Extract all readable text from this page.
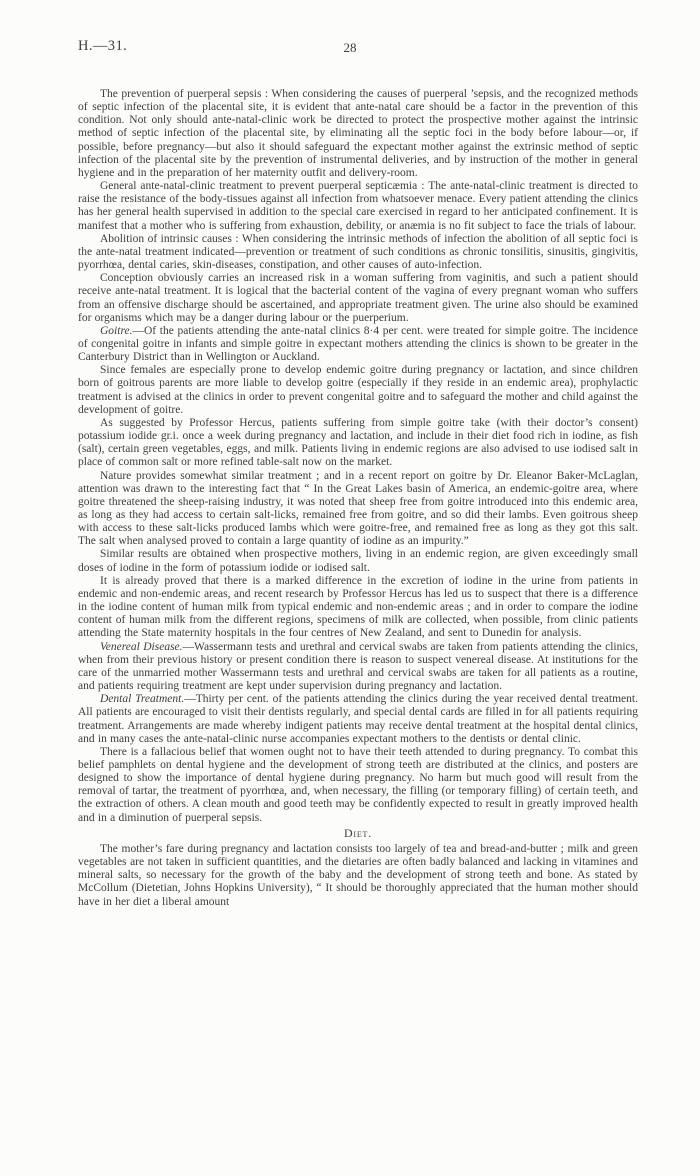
H.—31.	28

The prevention of puerperal sepsis : When considering the causes of puerperal ’sepsis, and the recognized methods of septic infection of the placental site, it is evident that ante-natal care should be a factor in the prevention of this condition. Not only should ante-natal-clinic work be directed to protect the prospective mother against the intrinsic method of septic infection of the placental site, by eliminating all the septic foci in the body before labour—or, if possible, before pregnancy—but also it should safeguard the expectant mother against the extrinsic method of septic infection of the placental site by the prevention of instrumental deliveries, and by instruction of the mother in general hygiene and in the preparation of her maternity outfit and delivery-room.

General ante-natal-clinic treatment to prevent puerperal septicæmia : The ante-natal-clinic treatment is directed to raise the resistance of the body-tissues against all infection from whatsoever menace. Every patient attending the clinics has her general health supervised in addition to the special care exercised in regard to her anticipated confinement. It is manifest that a mother who is suffering from exhaustion, debility, or anæmia is no fit subject to face the trials of labour.

Abolition of intrinsic causes : When considering the intrinsic methods of infection the abolition of all septic foci is the ante-natal treatment indicated—prevention or treatment of such conditions as chronic tonsilitis, sinusitis, gingivitis, pyorrhœa, dental caries, skin-diseases, constipation, and other causes of auto-infection.

Conception obviously carries an increased risk in a woman suffering from vaginitis, and such a patient should receive ante-natal treatment. It is logical that the bacterial content of the vagina of every pregnant woman who suffers from an offensive discharge should be ascertained, and appropriate treatment given. The urine also should be examined for organisms which may be a danger during labour or the puerperium.

Goitre.—Of the patients attending the ante-natal clinics 8·4 per cent. were treated for simple goitre. The incidence of congenital goitre in infants and simple goitre in expectant mothers attending the clinics is shown to be greater in the Canterbury District than in Wellington or Auckland.

Since females are especially prone to develop endemic goitre during pregnancy or lactation, and since children born of goitrous parents are more liable to develop goitre (especially if they reside in an endemic area), prophylactic treatment is advised at the clinics in order to prevent congenital goitre and to safeguard the mother and child against the development of goitre.

As suggested by Professor Hercus, patients suffering from simple goitre take (with their doctor’s consent) potassium iodide gr.i. once a week during pregnancy and lactation, and include in their diet food rich in iodine, as fish (salt), certain green vegetables, eggs, and milk. Patients living in endemic regions are also advised to use iodised salt in place of common salt or more refined table-salt now on the market.

Nature provides somewhat similar treatment ; and in a recent report on goitre by Dr. Eleanor Baker-McLaglan, attention was drawn to the interesting fact that “ In the Great Lakes basin of America, an endemic-goitre area, where goitre threatened the sheep-raising industry, it was noted that sheep free from goitre introduced into this endemic area, as long as they had access to certain salt-licks, remained free from goitre, and so did their lambs. Even goitrous sheep with access to these salt-licks produced lambs which were goitre-free, and remained free as long as they got this salt. The salt when analysed proved to contain a large quantity of iodine as an impurity.”

Similar results are obtained when prospective mothers, living in an endemic region, are given exceedingly small doses of iodine in the form of potassium iodide or iodised salt.

It is already proved that there is a marked difference in the excretion of iodine in the urine from patients in endemic and non-endemic areas, and recent research by Professor Hercus has led us to suspect that there is a difference in the iodine content of human milk from typical endemic and non-endemic areas ; and in order to compare the iodine content of human milk from the different regions, specimens of milk are collected, when possible, from clinic patients attending the State maternity hospitals in the four centres of New Zealand, and sent to Dunedin for analysis.

Venereal Disease.—Wassermann tests and urethral and cervical swabs are taken from patients attending the clinics, when from their previous history or present condition there is reason to suspect venereal disease. At institutions for the care of the unmarried mother Wassermann tests and urethral and cervical swabs are taken for all patients as a routine, and patients requiring treatment are kept under supervision during pregnancy and lactation.

Dental Treatment.—Thirty per cent. of the patients attending the clinics during the year received dental treatment. All patients are encouraged to visit their dentists regularly, and special dental cards are filled in for all patients requiring treatment. Arrangements are made whereby indigent patients may receive dental treatment at the hospital dental clinics, and in many cases the ante-natal-clinic nurse accompanies expectant mothers to the dentists or dental clinic.

There is a fallacious belief that women ought not to have their teeth attended to during pregnancy. To combat this belief pamphlets on dental hygiene and the development of strong teeth are distributed at the clinics, and posters are designed to show the importance of dental hygiene during pregnancy. No harm but much good will result from the removal of tartar, the treatment of pyorrhœa, and, when necessary, the filling (or temporary filling) of certain teeth, and the extraction of others. A clean mouth and good teeth may be confidently expected to result in greatly improved health and in a diminution of puerperal sepsis.

Diet.

The mother’s fare during pregnancy and lactation consists too largely of tea and bread-and-butter ; milk and green vegetables are not taken in sufficient quantities, and the dietaries are often badly balanced and lacking in vitamines and mineral salts, so necessary for the growth of the baby and the development of strong teeth and bone. As stated by McCollum (Dietetian, Johns Hopkins University), “ It should be thoroughly appreciated that the human mother should have in her diet a liberal amount
